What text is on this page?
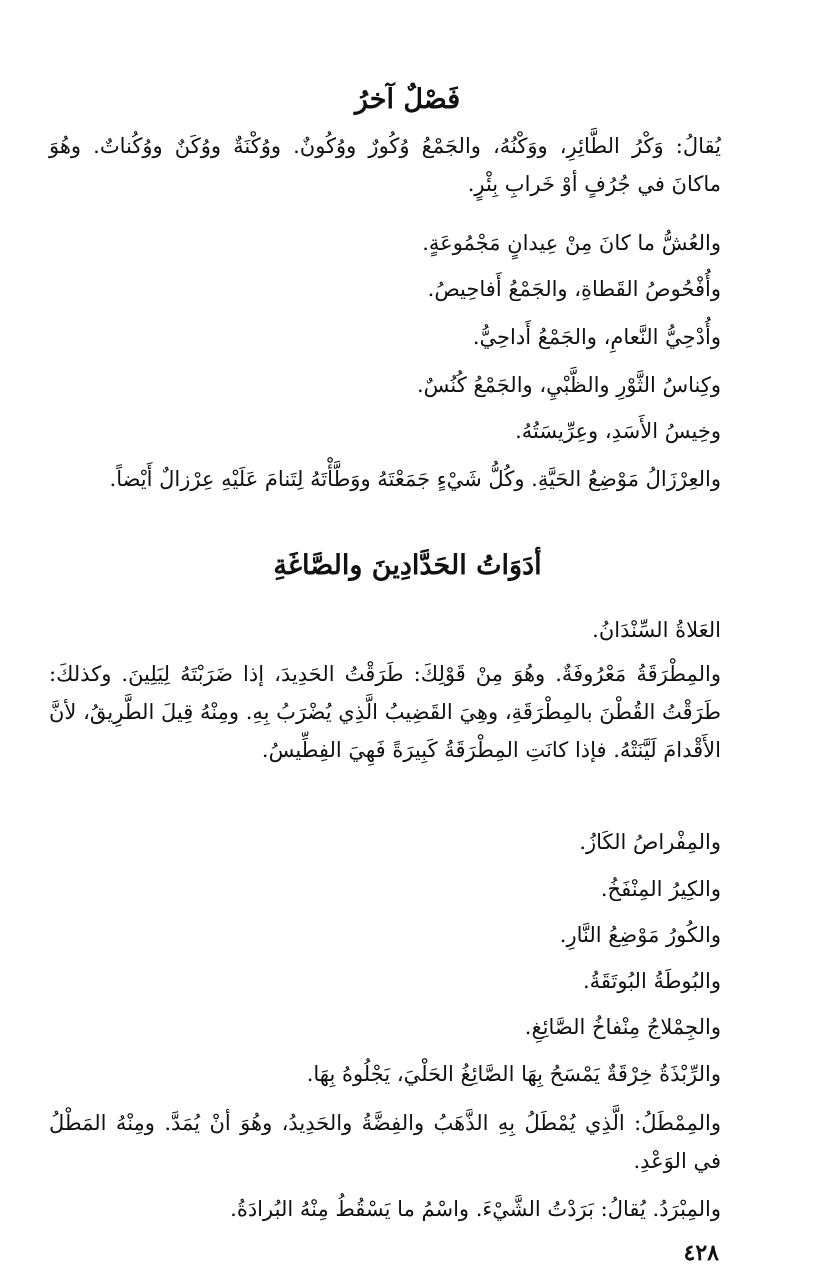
فَصْلٌ آخرُ
يُقالُ: وَكْرُ الطَّائِرِ، ووَكْنُهُ، والجَمْعُ وُكُورٌ ووُكُونٌ. ووُكْنَةٌ ووُكَنٌ ووُكُناتٌ. وهُوَ ماكانَ في جُرُفٍ أوْ خَرابِ بِئْرٍ.
والعُشُّ ما كانَ مِنْ عِيدانٍ مَجْمُوعَةٍ.
وأُفْحُوصُ القَطاةِ، والجَمْعُ أَفاحِيصُ.
وأُدْحِيُّ النَّعامِ، والجَمْعُ أَداحِيُّ.
وكِناسُ الثَّوْرِ والظَّبْيِ، والجَمْعُ كُنُسٌ.
وخِيسُ الأَسَدِ، وعِرِّيسَتُهُ.
والعِرْزَالُ مَوْضِعُ الحَيَّةِ. وكُلُّ شَيْءٍ جَمَعْتَهُ ووَطَّأْتَهُ لِتَنامَ عَلَيْهِ عِرْزالٌ أَيْضاً.
أدَوَاتُ الحَدَّادِينَ والصَّاغَةِ
العَلاةُ السِّنْدَانُ.
والمِطْرَقَةُ مَعْرُوفَةٌ. وهُوَ مِنْ قَوْلِكَ: طَرَقْتُ الحَدِيدَ، إذا ضَرَبْتَهُ لِيَلِينَ. وكذلكَ: طَرَقْتُ القُطْنَ بالمِطْرَقَةِ، وهِيَ القَضِيبُ الَّذِي يُضْرَبُ بِهِ. ومِنْهُ قِيلَ الطَّرِيقُ، لأنَّ الأَقْدامَ لَيَّنَتْهُ. فإذا كانَتِ المِطْرَقَةُ كَبِيرَةً فَهِيَ الفِطِّيسُ.
والمِفْراصُ الكَازُ.
والكِيرُ المِنْفَخُ.
والكُورُ مَوْضِعُ النَّارِ.
والبُوطَةُ البُوتَقَةُ.
والجِمْلاجُ مِنْفاخُ الصَّائِغِ.
والرِّبْذَةُ خِرْقَةٌ يَمْسَحُ بِهَا الصَّائِغُ الحَلْيَ، يَجْلُوهُ بِهَا.
والمِمْطَلُ: الَّذِي يُمْطَلُ بِهِ الذَّهَبُ والفِضَّةُ والحَدِيدُ، وهُوَ أنْ يُمَدَّ. ومِنْهُ المَطْلُ في الوَعْدِ.
والمِبْرَدُ. يُقالُ: بَرَدْتُ الشَّيْءَ. واسْمُ ما يَسْقُطُ مِنْهُ البُرادَةُ.
٤٢٨
